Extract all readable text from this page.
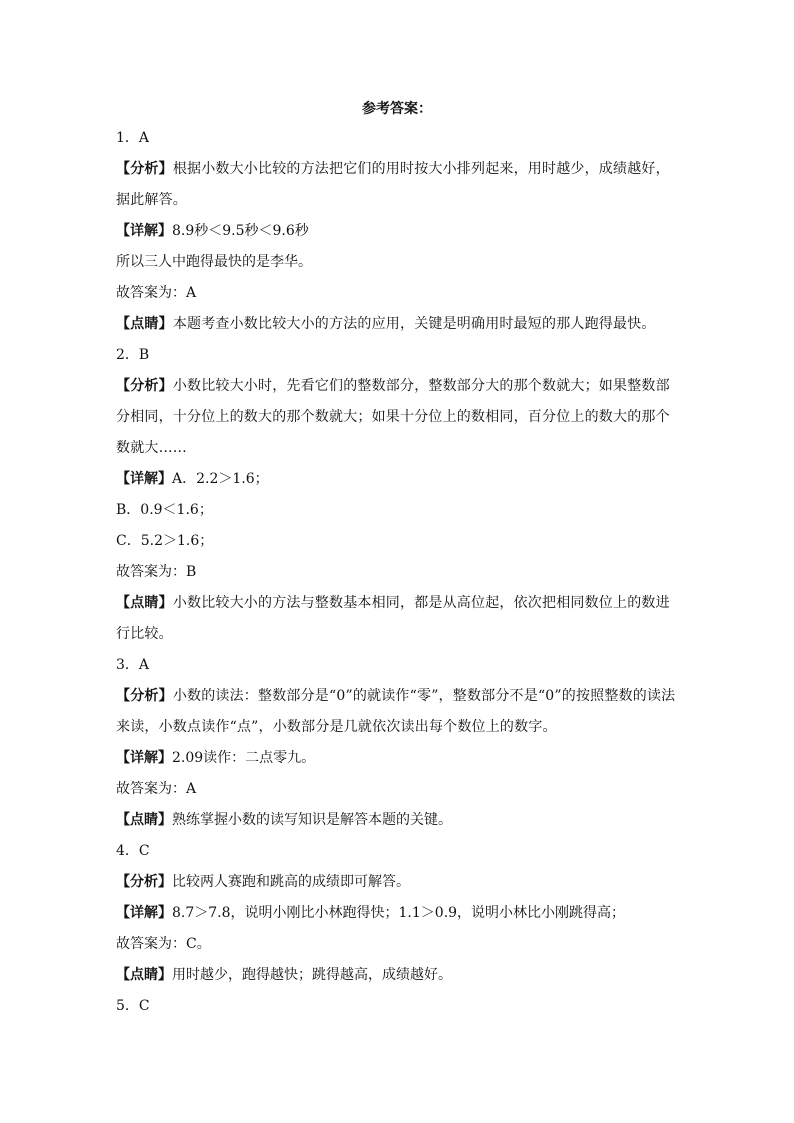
参考答案：
1．A
【分析】根据小数大小比较的方法把它们的用时按大小排列起来，用时越少，成绩越好，据此解答。
【详解】8.9秒＜9.5秒＜9.6秒
所以三人中跑得最快的是李华。
故答案为：A
【点睛】本题考查小数比较大小的方法的应用，关键是明确用时最短的那人跑得最快。
2．B
【分析】小数比较大小时，先看它们的整数部分，整数部分大的那个数就大；如果整数部分相同，十分位上的数大的那个数就大；如果十分位上的数相同，百分位上的数大的那个数就大……
【详解】A．2.2＞1.6；
B．0.9＜1.6；
C．5.2＞1.6；
故答案为：B
【点睛】小数比较大小的方法与整数基本相同，都是从高位起，依次把相同数位上的数进行比较。
3．A
【分析】小数的读法：整数部分是“0”的就读作“零”，整数部分不是“0”的按照整数的读法来读，小数点读作“点”，小数部分是几就依次读出每个数位上的数字。
【详解】2.09读作：二点零九。
故答案为：A
【点睛】熟练掌握小数的读写知识是解答本题的关键。
4．C
【分析】比较两人赛跑和跳高的成绩即可解答。
【详解】8.7＞7.8，说明小刚比小林跑得快；1.1＞0.9，说明小林比小刚跳得高；
故答案为：C。
【点睛】用时越少，跑得越快；跳得越高，成绩越好。
5．C
